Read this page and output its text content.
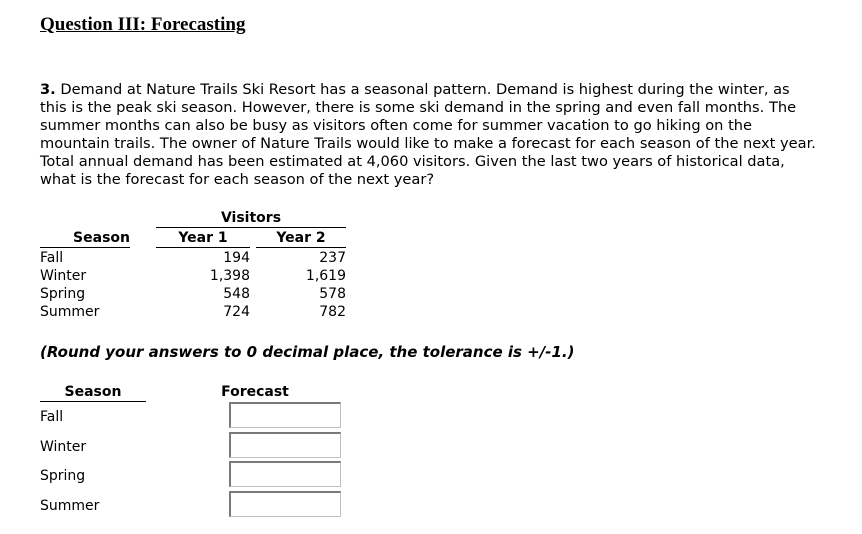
Question III: Forecasting
3. Demand at Nature Trails Ski Resort has a seasonal pattern. Demand is highest during the winter, as this is the peak ski season. However, there is some ski demand in the spring and even fall months. The summer months can also be busy as visitors often come for summer vacation to go hiking on the mountain trails. The owner of Nature Trails would like to make a forecast for each season of the next year. Total annual demand has been estimated at 4,060 visitors. Given the last two years of historical data, what is the forecast for each season of the next year?
Visitors
Season	Year 1	Year 2
Fall	194	237
Winter	1,398	1,619
Spring	548	578
Summer	724	782
(Round your answers to 0 decimal place, the tolerance is +/-1.)
Season	Forecast
Fall
Winter
Spring
Summer
